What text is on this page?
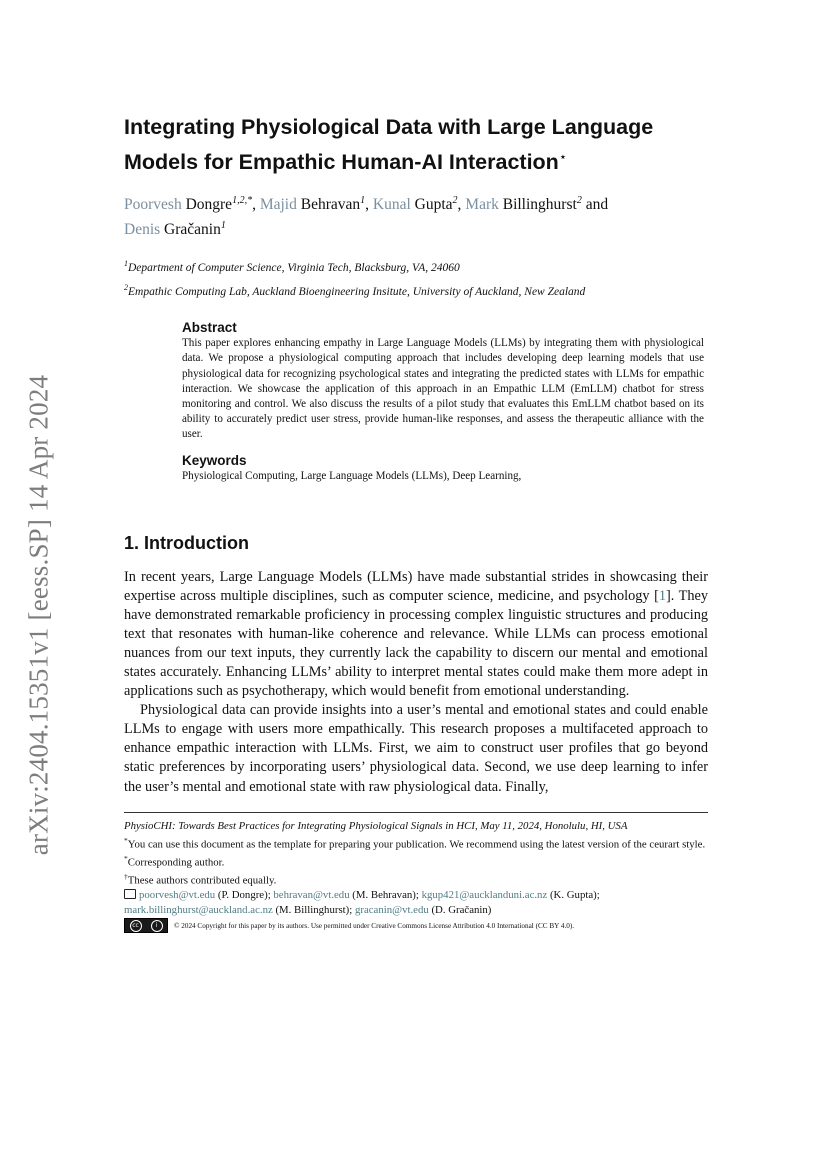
arXiv:2404.15351v1 [eess.SP] 14 Apr 2024
Integrating Physiological Data with Large Language Models for Empathic Human-AI Interaction⋆
Poorvesh Dongre$^{1,2,*}$, Majid Behravan$^1$, Kunal Gupta$^2$, Mark Billinghurst$^2$ and
Denis Gračanin$^1$
$^1$Department of Computer Science, Virginia Tech, Blacksburg, VA, 24060
$^2$Empathic Computing Lab, Auckland Bioengineering Insitute, University of Auckland, New Zealand
Abstract
This paper explores enhancing empathy in Large Language Models (LLMs) by integrating them with physiological data. We propose a physiological computing approach that includes developing deep learning models that use physiological data for recognizing psychological states and integrating the predicted states with LLMs for empathic interaction. We showcase the application of this approach in an Empathic LLM (EmLLM) chatbot for stress monitoring and control. We also discuss the results of a pilot study that evaluates this EmLLM chatbot based on its ability to accurately predict user stress, provide human-like responses, and assess the therapeutic alliance with the user.
Keywords
Physiological Computing, Large Language Models (LLMs), Deep Learning,
1. Introduction

In recent years, Large Language Models (LLMs) have made substantial strides in showcasing their expertise across multiple disciplines, such as computer science, medicine, and psychology [1]. They have demonstrated remarkable proficiency in processing complex linguistic structures and producing text that resonates with human-like coherence and relevance. While LLMs can process emotional nuances from our text inputs, they currently lack the capability to discern our mental and emotional states accurately. Enhancing LLMs’ ability to interpret mental states could make them more adept in applications such as psychotherapy, which would benefit from emotional understanding.

Physiological data can provide insights into a user’s mental and emotional states and could enable LLMs to engage with users more empathically. This research proposes a multifaceted approach to enhance empathic interaction with LLMs. First, we aim to construct user profiles that go beyond static preferences by incorporating users’ physiological data. Second, we use deep learning to infer the user’s mental and emotional state with raw physiological data. Finally,

PhysioCHI: Towards Best Practices for Integrating Physiological Signals in HCI, May 11, 2024, Honolulu, HI, USA
*You can use this document as the template for preparing your publication. We recommend using the latest version of the ceurart style.
*Corresponding author.
†These authors contributed equally.
poorvesh@vt.edu (P. Dongre); behravan@vt.edu (M. Behravan); kgup421@aucklanduni.ac.nz (K. Gupta); mark.billinghurst@auckland.ac.nz (M. Billinghurst); gracanin@vt.edu (D. Gračanin)
cc	i	© 2024 Copyright for this paper by its authors. Use permitted under Creative Commons License Attribution 4.0 International (CC BY 4.0).
